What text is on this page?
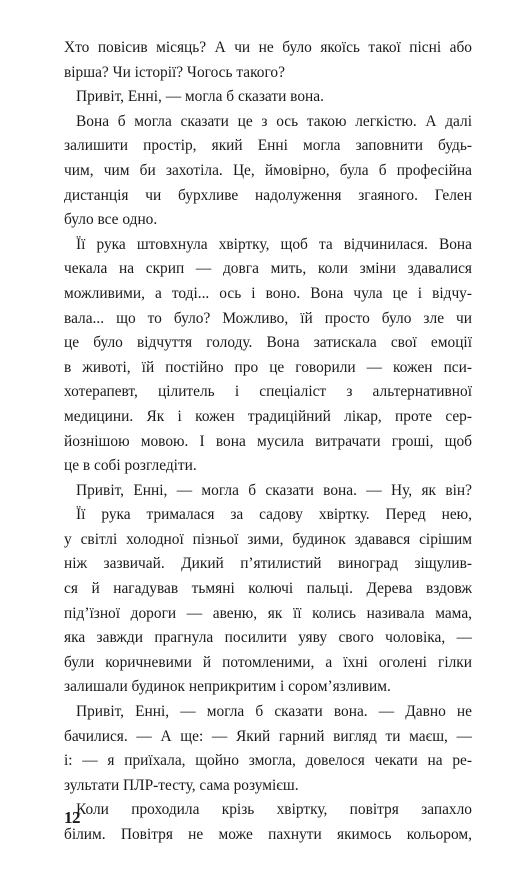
Хто повісив місяць? А чи не було якоїсь такої пісні або
вірша? Чи історії? Чогось такого?
Привіт, Енні, — могла б сказати вона.
Вона б могла сказати це з ось такою легкістю. А далі
залишити простір, який Енні могла заповнити будь-
чим, чим би захотіла. Це, ймовірно, була б професійна
дистанція чи бурхливе надолуження згаяного. Гелен
було все одно.
Її рука штовхнула хвіртку, щоб та відчинилася. Вона
чекала на скрип — довга мить, коли зміни здавалися
можливими, а тоді... ось і воно. Вона чула це і відчу-
вала... що то було? Можливо, їй просто було зле чи
це було відчуття голоду. Вона затискала свої емоції
в животі, їй постійно про це говорили — кожен пси-
хотерапевт, цілитель і спеціаліст з альтернативної
медицини. Як і кожен традиційний лікар, проте сер-
йознішою мовою. І вона мусила витрачати гроші, щоб
це в собі розгледіти.
Привіт, Енні, — могла б сказати вона. — Ну, як він?
Її рука трималася за садову хвіртку. Перед нею,
у світлі холодної пізньої зими, будинок здавався сірішим
ніж зазвичай. Дикий п’ятилистий виноград зіщулив-
ся й нагадував тьмяні колючі пальці. Дерева вздовж
під’їзної дороги — авеню, як її колись називала мама,
яка завжди прагнула посилити уяву свого чоловіка, —
були коричневими й потомленими, а їхні оголені гілки
залишали будинок неприкритим і сором’язливим.
Привіт, Енні, — могла б сказати вона. — Давно не
бачилися. — А ще: — Який гарний вигляд ти маєш, —
і: — я приїхала, щойно змогла, довелося чекати на ре-
зультати ПЛР-тесту, сама розумієш.
Коли проходила крізь хвіртку, повітря запахло
білим. Повітря не може пахнути якимось кольором,
12
